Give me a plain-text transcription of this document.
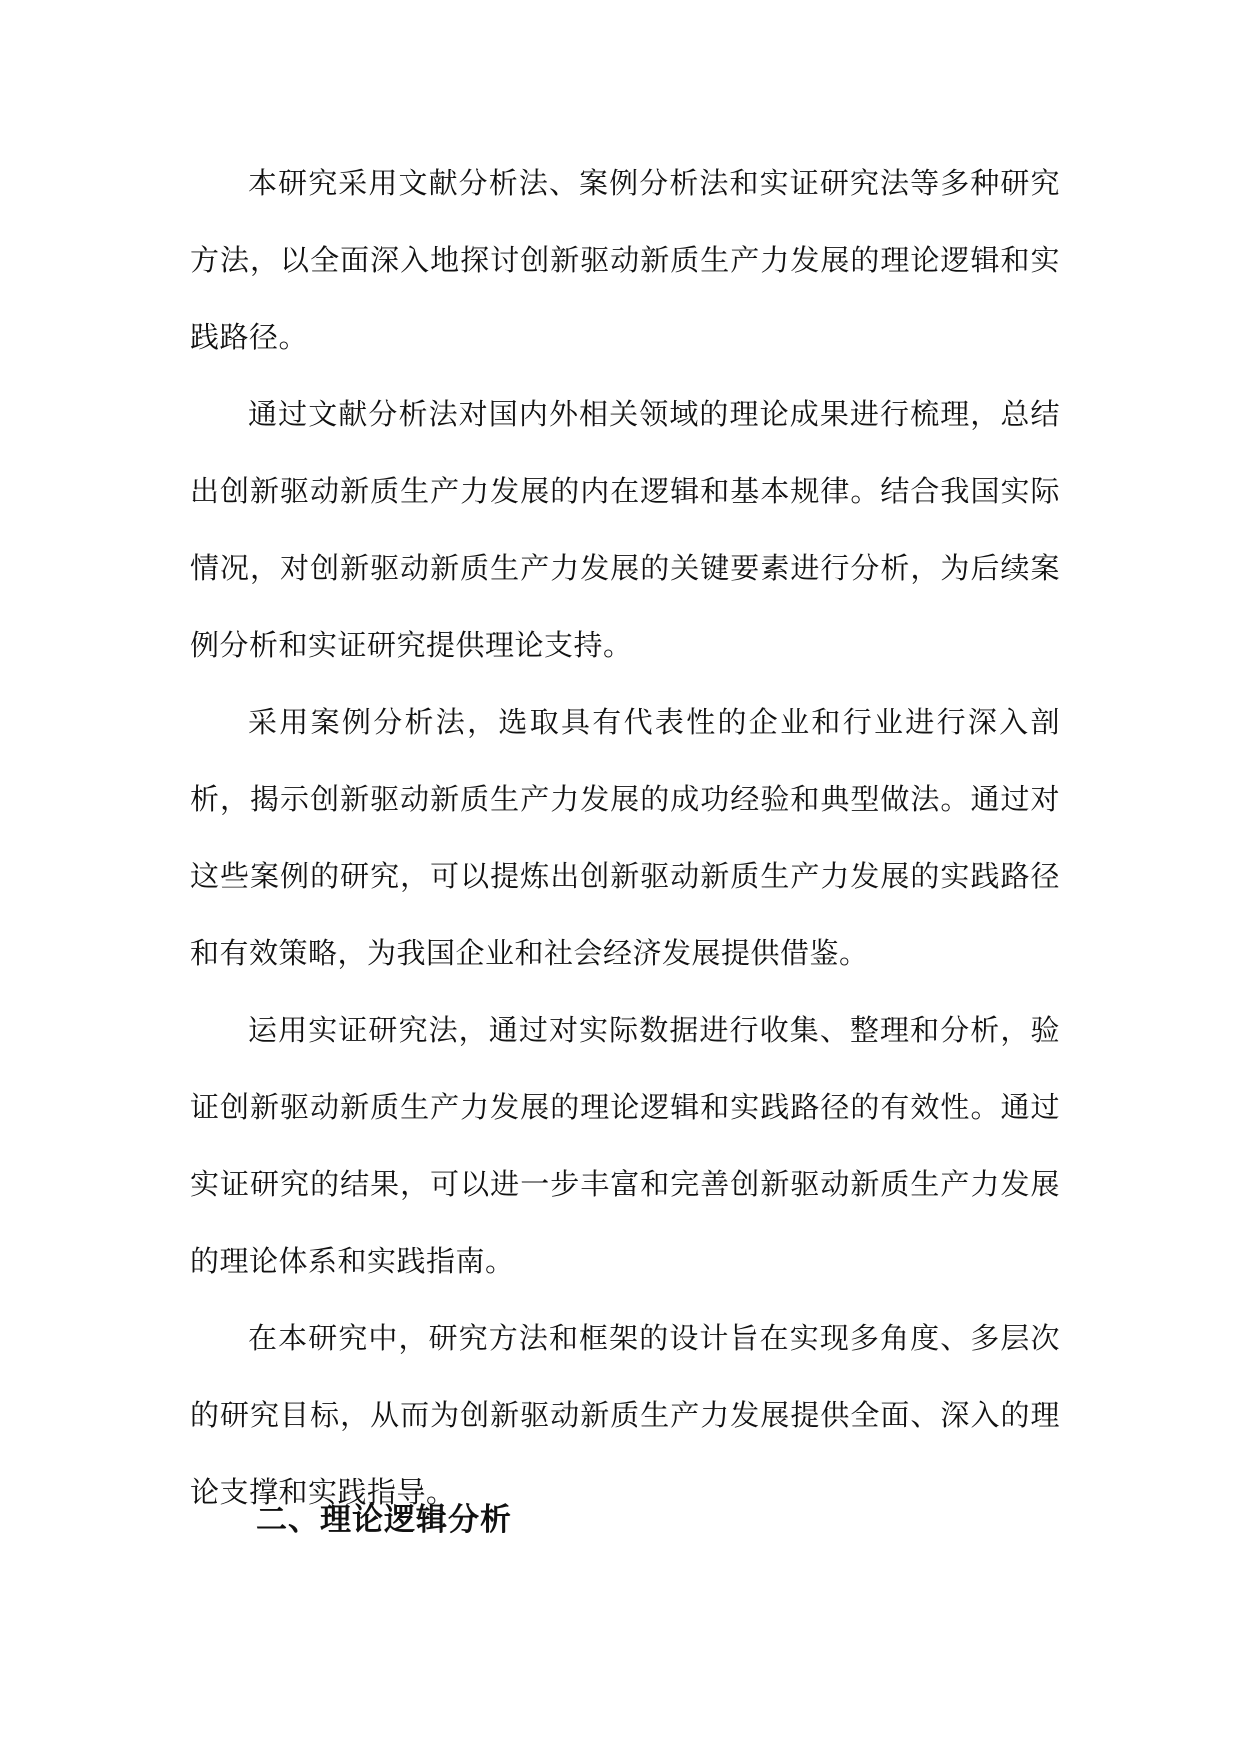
本研究采用文献分析法、案例分析法和实证研究法等多种研究方法，以全面深入地探讨创新驱动新质生产力发展的理论逻辑和实践路径。

通过文献分析法对国内外相关领域的理论成果进行梳理，总结出创新驱动新质生产力发展的内在逻辑和基本规律。结合我国实际情况，对创新驱动新质生产力发展的关键要素进行分析，为后续案例分析和实证研究提供理论支持。

采用案例分析法，选取具有代表性的企业和行业进行深入剖析，揭示创新驱动新质生产力发展的成功经验和典型做法。通过对这些案例的研究，可以提炼出创新驱动新质生产力发展的实践路径和有效策略，为我国企业和社会经济发展提供借鉴。

运用实证研究法，通过对实际数据进行收集、整理和分析，验证创新驱动新质生产力发展的理论逻辑和实践路径的有效性。通过实证研究的结果，可以进一步丰富和完善创新驱动新质生产力发展的理论体系和实践指南。

在本研究中，研究方法和框架的设计旨在实现多角度、多层次的研究目标，从而为创新驱动新质生产力发展提供全面、深入的理论支撑和实践指导。

二、理论逻辑分析
